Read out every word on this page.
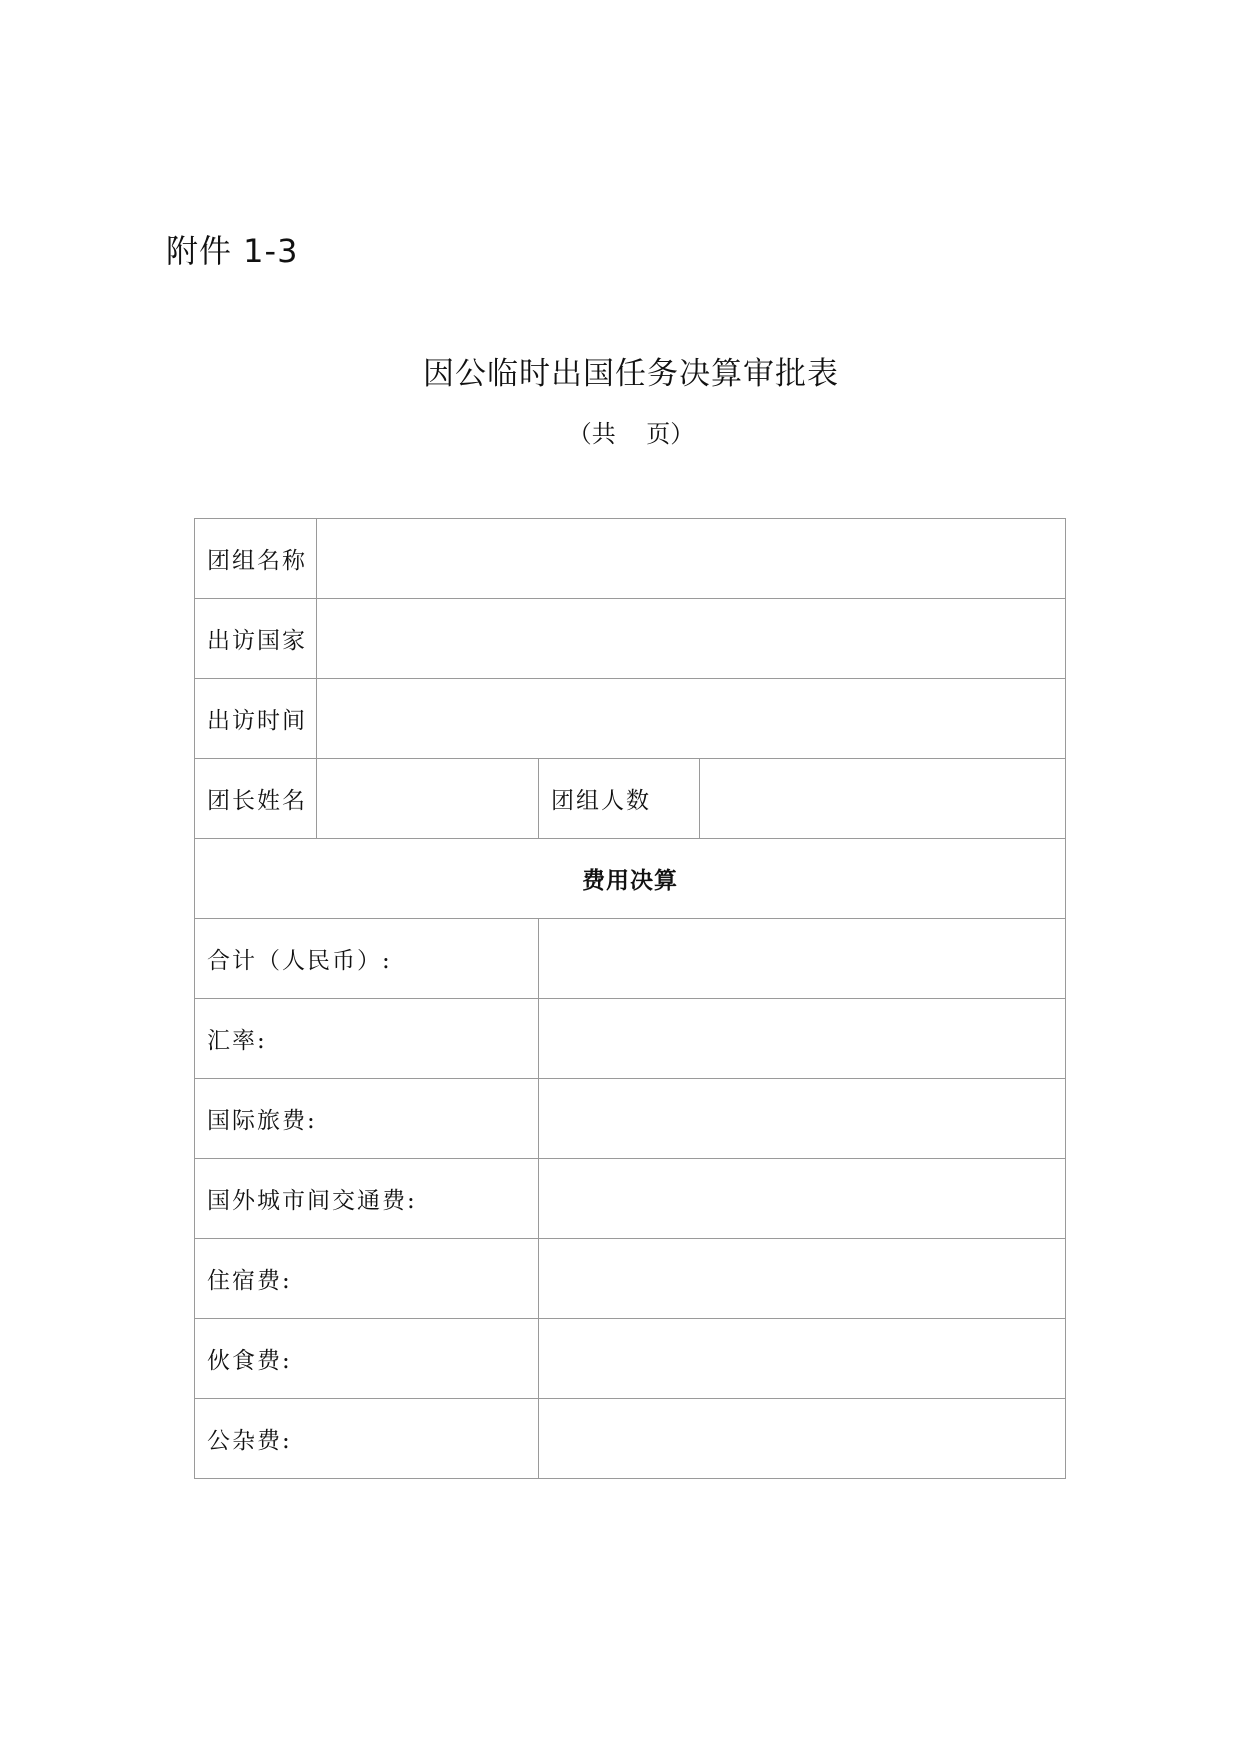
附件 1-3
因公临时出国任务决算审批表
（共    页）
团组名称			
出访国家			
出访时间			
团长姓名		团组人数	
费用决算			
合计（人民币）:			
汇率:			
国际旅费:			
国外城市间交通费:			
住宿费:			
伙食费:			
公杂费:			
